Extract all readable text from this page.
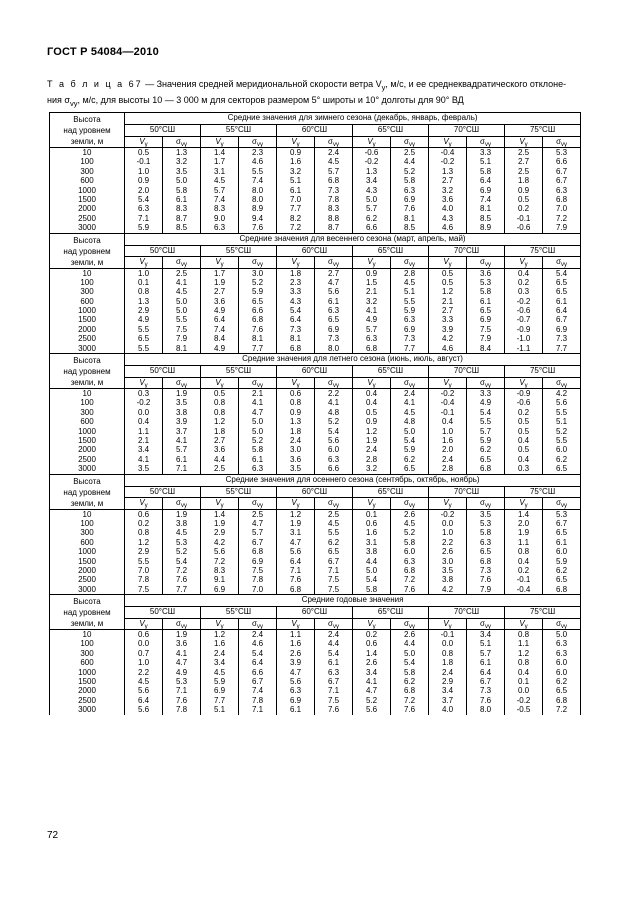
ГОСТ Р 54084—2010
Т а б л и ц а 67 — Значения средней меридиональной скорости ветра $V_y$, м/с, и ее среднеквадратического отклоне-
ния $\sigma_{vy}$, м/с, для высоты 10 — 3 000 м для секторов размером 5° широты и 10° долготы для 90° ВД
Высота
над уровнем
земли, м	Средние значения для зимнего сезона (декабрь, январь, февраль)											
	50°СШ		55°СШ		60°СШ		65°СШ		70°СШ		75°СШ	
	$V_y$	$\sigma_{vy}$	$V_y$	$\sigma_{vy}$	$V_y$	$\sigma_{vy}$	$V_y$	$\sigma_{vy}$	$V_y$	$\sigma_{vy}$	$V_y$	$\sigma_{vy}$
10	0.5	1.3	1.4	2.3	0.9	2.4	-0.6	2.5	-0.4	3.3	2.5	5.3
100	-0.1	3.2	1.7	4.6	1.6	4.5	-0.2	4.4	-0.2	5.1	2.7	6.6
300	1.0	3.5	3.1	5.5	3.2	5.7	1.3	5.2	1.3	5.8	2.5	6.7
600	0.9	5.0	4.5	7.4	5.1	6.8	3.4	5.8	2.7	6.4	1.8	6.7
1000	2.0	5.8	5.7	8.0	6.1	7.3	4.3	6.3	3.2	6.9	0.9	6.3
1500	5.4	6.1	7.4	8.0	7.0	7.8	5.0	6.9	3.6	7.4	0.5	6.8
2000	6.3	8.3	8.3	8.9	7.7	8.3	5.7	7.6	4.0	8.1	0.2	7.0
2500	7.1	8.7	9.0	9.4	8.2	8.8	6.2	8.1	4.3	8.5	-0.1	7.2
3000	5.9	8.5	6.3	7.6	7.2	8.7	6.6	8.5	4.6	8.9	-0.6	7.9
Высота
над уровнем
земли, м	Средние значения для весеннего сезона (март, апрель, май)											
	50°СШ		55°СШ		60°СШ		65°СШ		70°СШ		75°СШ	
	$V_y$	$\sigma_{vy}$	$V_y$	$\sigma_{vy}$	$V_y$	$\sigma_{vy}$	$V_y$	$\sigma_{vy}$	$V_y$	$\sigma_{vy}$	$V_y$	$\sigma_{vy}$
10	1.0	2.5	1.7	3.0	1.8	2.7	0.9	2.8	0.5	3.6	0.4	5.4
100	0.1	4.1	1.9	5.2	2.3	4.7	1.5	4.5	0.5	5.3	0.2	6.5
300	0.8	4.5	2.7	5.9	3.3	5.6	2.1	5.1	1.2	5.8	0.3	6.5
600	1.3	5.0	3.6	6.5	4.3	6.1	3.2	5.5	2.1	6.1	-0.2	6.1
1000	2.9	5.0	4.9	6.6	5.4	6.3	4.1	5.9	2.7	6.5	-0.6	6.4
1500	4.9	5.5	6.4	6.8	6.4	6.5	4.9	6.3	3.3	6.9	-0.7	6.7
2000	5.5	7.5	7.4	7.6	7.3	6.9	5.7	6.9	3.9	7.5	-0.9	6.9
2500	6.5	7.9	8.4	8.1	8.1	7.3	6.3	7.3	4.2	7.9	-1.0	7.3
3000	5.5	8.1	4.9	7.7	6.8	8.0	6.8	7.7	4.6	8.4	-1.1	7.7
Высота
над уровнем
земли, м	Средние значения для летнего сезона (июнь, июль, август)											
	50°СШ		55°СШ		60°СШ		65°СШ		70°СШ		75°СШ	
	$V_y$	$\sigma_{vy}$	$V_y$	$\sigma_{vy}$	$V_y$	$\sigma_{vy}$	$V_y$	$\sigma_{vy}$	$V_y$	$\sigma_{vy}$	$V_y$	$\sigma_{vy}$
10	0.3	1.9	0.5	2.1	0.6	2.2	0.4	2.4	-0.2	3.3	-0.9	4.2
100	-0.2	3.5	0.8	4.1	0.8	4.1	0.4	4.1	-0.4	4.9	-0.6	5.6
300	0.0	3.8	0.8	4.7	0.9	4.8	0.5	4.5	-0.1	5.4	0.2	5.5
600	0.4	3.9	1.2	5.0	1.3	5.2	0.9	4.8	0.4	5.5	0.5	5.1
1000	1.1	3.7	1.8	5.0	1.8	5.4	1.2	5.0	1.0	5.7	0.5	5.2
1500	2.1	4.1	2.7	5.2	2.4	5.6	1.9	5.4	1.6	5.9	0.4	5.5
2000	3.4	5.7	3.6	5.8	3.0	6.0	2.4	5.9	2.0	6.2	0.5	6.0
2500	4.1	6.1	4.4	6.1	3.6	6.3	2.8	6.2	2.4	6.5	0.4	6.2
3000	3.5	7.1	2.5	6.3	3.5	6.6	3.2	6.5	2.8	6.8	0.3	6.5
Высота
над уровнем
земли, м	Средние значения для осеннего сезона (сентябрь, октябрь, ноябрь)											
	50°СШ		55°СШ		60°СШ		65°СШ		70°СШ		75°СШ	
	$V_y$	$\sigma_{vy}$	$V_y$	$\sigma_{vy}$	$V_y$	$\sigma_{vy}$	$V_y$	$\sigma_{vy}$	$V_y$	$\sigma_{vy}$	$V_y$	$\sigma_{vy}$
10	0.6	1.9	1.4	2.5	1.2	2.5	0.1	2.6	-0.2	3.5	1.4	5.3
100	0.2	3.8	1.9	4.7	1.9	4.5	0.6	4.5	0.0	5.3	2.0	6.7
300	0.8	4.5	2.9	5.7	3.1	5.5	1.6	5.2	1.0	5.8	1.9	6.5
600	1.2	5.3	4.2	6.7	4.7	6.2	3.1	5.8	2.2	6.3	1.1	6.1
1000	2.9	5.2	5.6	6.8	5.6	6.5	3.8	6.0	2.6	6.5	0.8	6.0
1500	5.5	5.4	7.2	6.9	6.4	6.7	4.4	6.3	3.0	6.8	0.4	5.9
2000	7.0	7.2	8.3	7.5	7.1	7.1	5.0	6.8	3.5	7.3	0.2	6.2
2500	7.8	7.6	9.1	7.8	7.6	7.5	5.4	7.2	3.8	7.6	-0.1	6.5
3000	7.5	7.7	6.9	7.0	6.8	7.5	5.8	7.6	4.2	7.9	-0.4	6.8
Высота
над уровнем
земли, м	Средние годовые значения											
	50°СШ		55°СШ		60°СШ		65°СШ		70°СШ		75°СШ	
	$V_y$	$\sigma_{vy}$	$V_y$	$\sigma_{vy}$	$V_y$	$\sigma_{vy}$	$V_y$	$\sigma_{vy}$	$V_y$	$\sigma_{vy}$	$V_y$	$\sigma_{vy}$
10	0.6	1.9	1.2	2.4	1.1	2.4	0.2	2.6	-0.1	3.4	0.8	5.0
100	0.0	3.6	1.6	4.6	1.6	4.4	0.6	4.4	0.0	5.1	1.1	6.3
300	0.7	4.1	2.4	5.4	2.6	5.4	1.4	5.0	0.8	5.7	1.2	6.3
600	1.0	4.7	3.4	6.4	3.9	6.1	2.6	5.4	1.8	6.1	0.8	6.0
1000	2.2	4.9	4.5	6.6	4.7	6.3	3.4	5.8	2.4	6.4	0.4	6.0
1500	4.5	5.3	5.9	6.7	5.6	6.7	4.1	6.2	2.9	6.7	0.1	6.2
2000	5.6	7.1	6.9	7.4	6.3	7.1	4.7	6.8	3.4	7.3	0.0	6.5
2500	6.4	7.6	7.7	7.8	6.9	7.5	5.2	7.2	3.7	7.6	-0.2	6.8
3000	5.6	7.8	5.1	7.1	6.1	7.6	5.6	7.6	4.0	8.0	-0.5	7.2
72
